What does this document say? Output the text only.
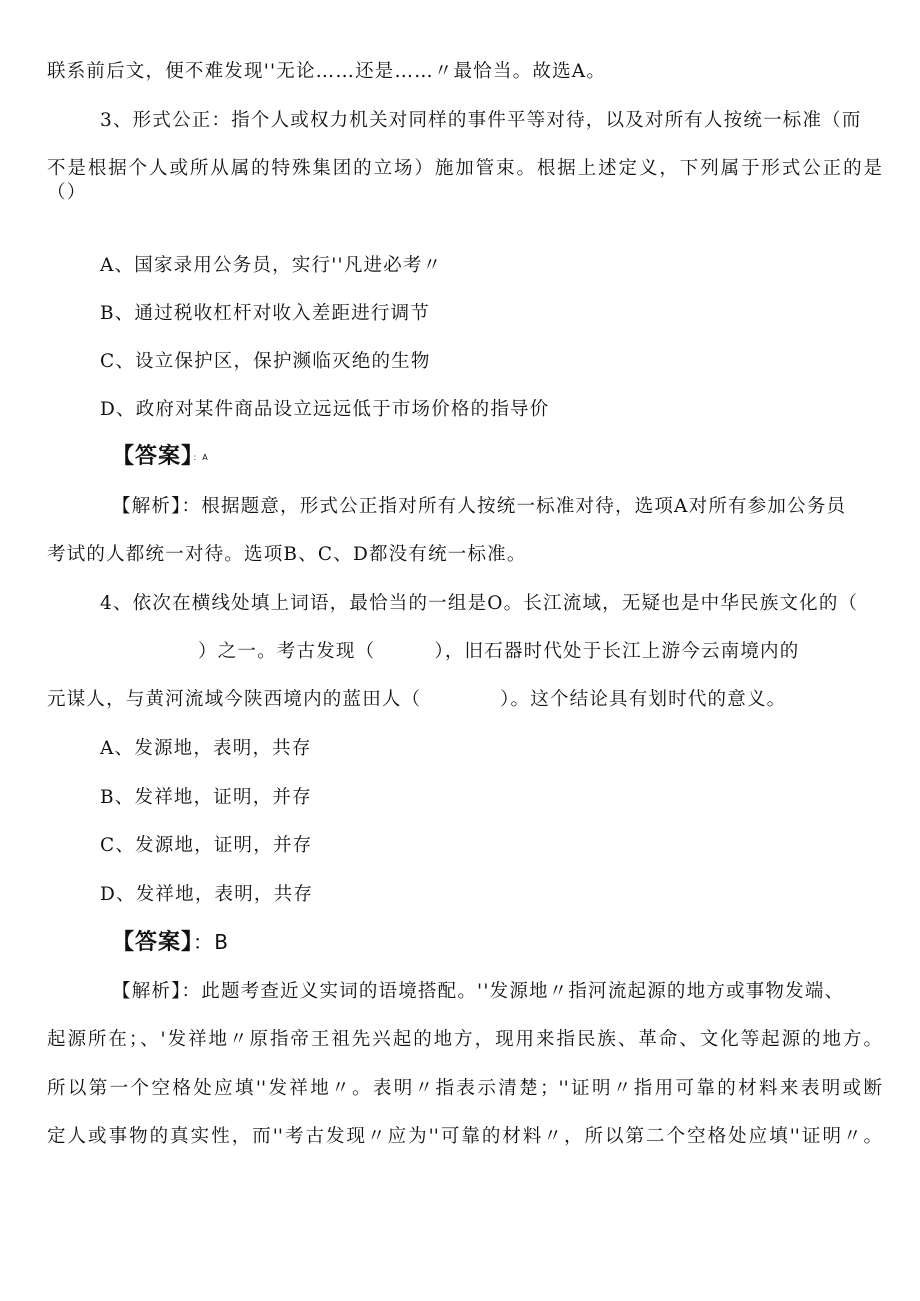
联系前后文，便不难发现''无论……还是……〃最恰当。故选A。
3、形式公正：指个人或权力机关对同样的事件平等对待，以及对所有人按统一标准（而
不是根据个人或所从属的特殊集团的立场）施加管束。根据上述定义，下列属于形式公正的是
（）
A、国家录用公务员，实行''凡进必考〃
B、通过税收杠杆对收入差距进行调节
C、设立保护区，保护濒临灭绝的生物
D、政府对某件商品设立远远低于市场价格的指导价
【答案】：A
【解析】：根据题意，形式公正指对所有人按统一标准对待，选项A对所有参加公务员
考试的人都统一对待。选项B、C、D都没有统一标准。
4、依次在横线处填上词语，最恰当的一组是O。长江流域，无疑也是中华民族文化的（
）之一。考古发现（　　　），旧石器时代处于长江上游今云南境内的
元谋人，与黄河流域今陕西境内的蓝田人（　　　　）。这个结论具有划时代的意义。
A、发源地，表明，共存
B、发祥地，证明，并存
C、发源地，证明，并存
D、发祥地，表明，共存
【答案】：B
【解析】：此题考查近义实词的语境搭配。''发源地〃指河流起源的地方或事物发端、
起源所在；、'发祥地〃原指帝王祖先兴起的地方，现用来指民族、革命、文化等起源的地方。
所以第一个空格处应填''发祥地〃。表明〃指表示清楚；''证明〃指用可靠的材料来表明或断
定人或事物的真实性，而''考古发现〃应为''可靠的材料〃，所以第二个空格处应填''证明〃。
